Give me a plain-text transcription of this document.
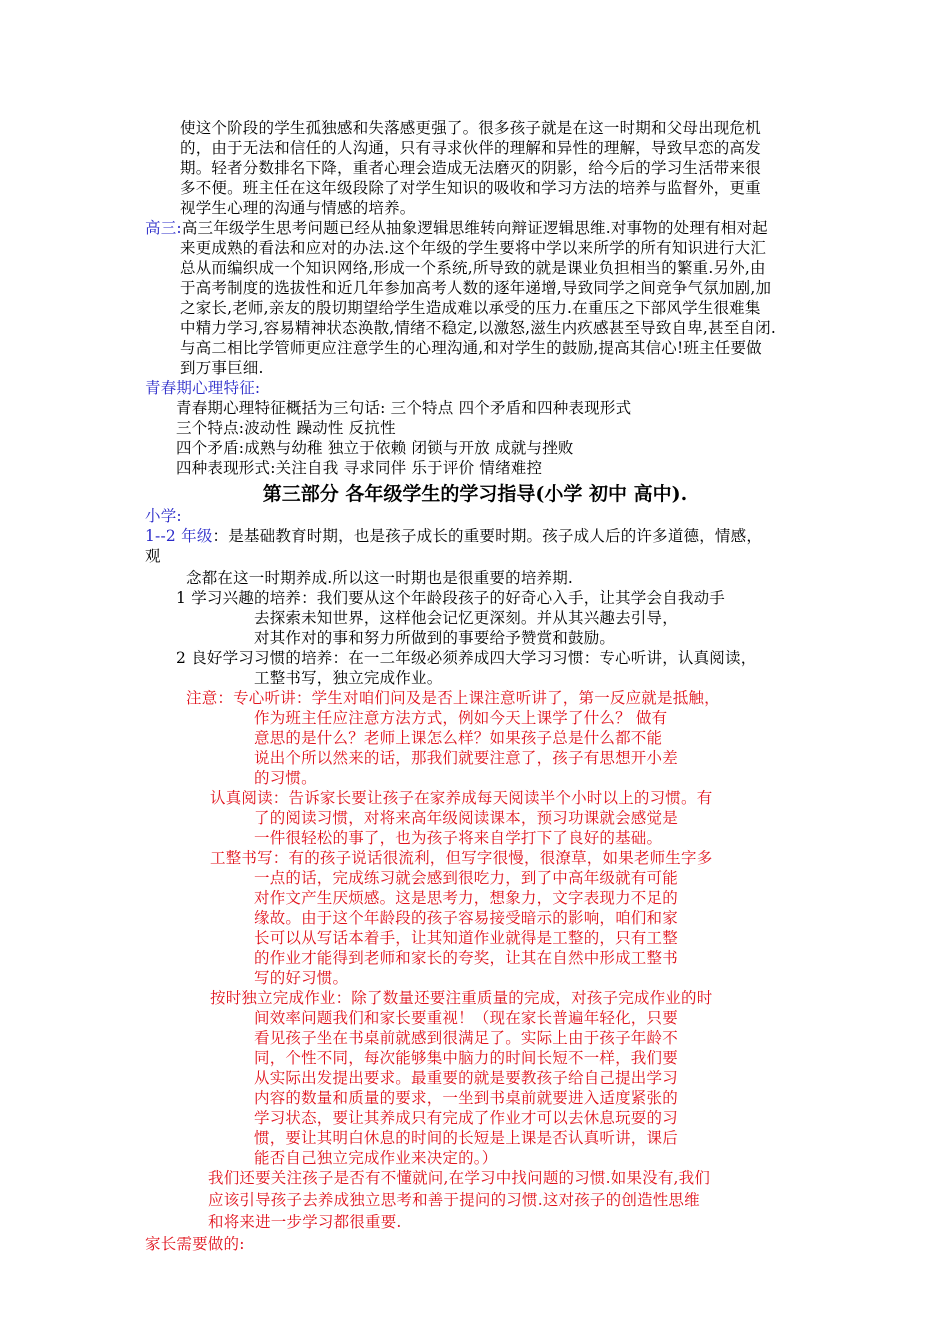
使这个阶段的学生孤独感和失落感更强了。很多孩子就是在这一时期和父母出现危机
的，由于无法和信任的人沟通，只有寻求伙伴的理解和异性的理解，导致早恋的高发
期。轻者分数排名下降，重者心理会造成无法磨灭的阴影，给今后的学习生活带来很
多不便。班主任在这年级段除了对学生知识的吸收和学习方法的培养与监督外，更重
视学生心理的沟通与情感的培养。
高三:高三年级学生思考问题已经从抽象逻辑思维转向辩证逻辑思维.对事物的处理有相对起
来更成熟的看法和应对的办法.这个年级的学生要将中学以来所学的所有知识进行大汇
总从而编织成一个知识网络,形成一个系统,所导致的就是课业负担相当的繁重.另外,由
于高考制度的选拔性和近几年参加高考人数的逐年递增,导致同学之间竞争气氛加剧,加
之家长,老师,亲友的殷切期望给学生造成难以承受的压力.在重压之下部风学生很难集
中精力学习,容易精神状态涣散,情绪不稳定,以激怒,滋生内疚感甚至导致自卑,甚至自闭.
与高二相比学管师更应注意学生的心理沟通,和对学生的鼓励,提高其信心!班主任要做
到万事巨细.
青春期心理特征:
青春期心理特征概括为三句话: 三个特点 四个矛盾和四种表现形式
三个特点:波动性 躁动性 反抗性
四个矛盾:成熟与幼稚 独立于依赖 闭锁与开放 成就与挫败
四种表现形式:关注自我 寻求同伴 乐于评价 情绪难控
第三部分 各年级学生的学习指导(小学 初中 高中).
小学:
1--2 年级：是基础教育时期，也是孩子成长的重要时期。孩子成人后的许多道德，情感，
观
念都在这一时期养成.所以这一时期也是很重要的培养期.
1 学习兴趣的培养：我们要从这个年龄段孩子的好奇心入手，让其学会自我动手
去探索未知世界，这样他会记忆更深刻。并从其兴趣去引导，
对其作对的事和努力所做到的事要给予赞赏和鼓励。
2 良好学习习惯的培养：在一二年级必须养成四大学习习惯：专心听讲，认真阅读，
工整书写，独立完成作业。
注意：专心听讲：学生对咱们问及是否上课注意听讲了，第一反应就是抵触，
作为班主任应注意方法方式，例如今天上课学了什么？ 做有
意思的是什么？老师上课怎么样？如果孩子总是什么都不能
说出个所以然来的话，那我们就要注意了，孩子有思想开小差
的习惯。
认真阅读：告诉家长要让孩子在家养成每天阅读半个小时以上的习惯。有
了的阅读习惯，对将来高年级阅读课本，预习功课就会感觉是
一件很轻松的事了，也为孩子将来自学打下了良好的基础。
工整书写：有的孩子说话很流利，但写字很慢，很潦草，如果老师生字多
一点的话，完成练习就会感到很吃力，到了中高年级就有可能
对作文产生厌烦感。这是思考力，想象力，文字表现力不足的
缘故。由于这个年龄段的孩子容易接受暗示的影响，咱们和家
长可以从写话本着手，让其知道作业就得是工整的，只有工整
的作业才能得到老师和家长的夸奖，让其在自然中形成工整书
写的好习惯。
按时独立完成作业：除了数量还要注重质量的完成，对孩子完成作业的时
间效率问题我们和家长要重视！（现在家长普遍年轻化，只要
看见孩子坐在书桌前就感到很满足了。实际上由于孩子年龄不
同，个性不同，每次能够集中脑力的时间长短不一样，我们要
从实际出发提出要求。最重要的就是要教孩子给自己提出学习
内容的数量和质量的要求，一坐到书桌前就要进入适度紧张的
学习状态，要让其养成只有完成了作业才可以去休息玩耍的习
惯，要让其明白休息的时间的长短是上课是否认真听讲，课后
能否自己独立完成作业来决定的。）
我们还要关注孩子是否有不懂就问,在学习中找问题的习惯.如果没有,我们
应该引导孩子去养成独立思考和善于提问的习惯.这对孩子的创造性思维
和将来进一步学习都很重要.
家长需要做的:
